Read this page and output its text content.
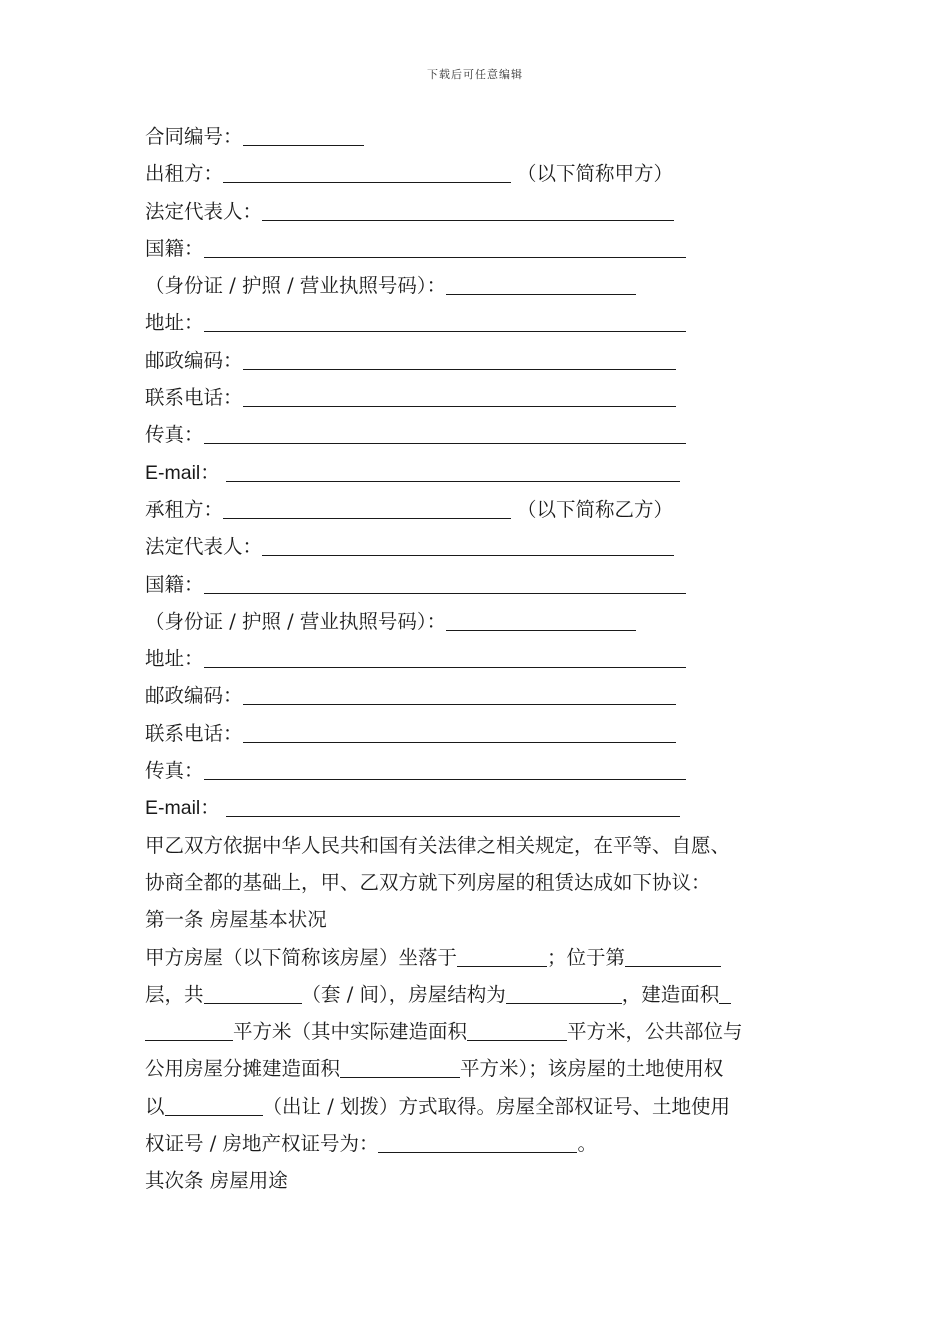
下载后可任意编辑
合同编号：
出租方：	（以下简称甲方）
法定代表人：
国籍：
（身份证 / 护照 / 营业执照号码）：
地址：
邮政编码：
联系电话：
传真：
E-mail：
承租方：	（以下简称乙方）
法定代表人：
国籍：
（身份证 / 护照 / 营业执照号码）：
地址：
邮政编码：
联系电话：
传真：
E-mail：
甲乙双方依据中华人民共和国有关法律之相关规定，在平等、自愿、
协商全都的基础上，甲、乙双方就下列房屋的租赁达成如下协议：
第一条 房屋基本状况
甲方房屋（以下简称该房屋）坐落于	；位于第
层，共	（套 / 间），房屋结构为	，建造面积
平方米（其中实际建造面积	平方米，公共部位与
公用房屋分摊建造面积	平方米）；该房屋的土地使用权
以	（出让 / 划拨）方式取得。房屋全部权证号、土地使用
权证号 / 房地产权证号为：	。
其次条 房屋用途
